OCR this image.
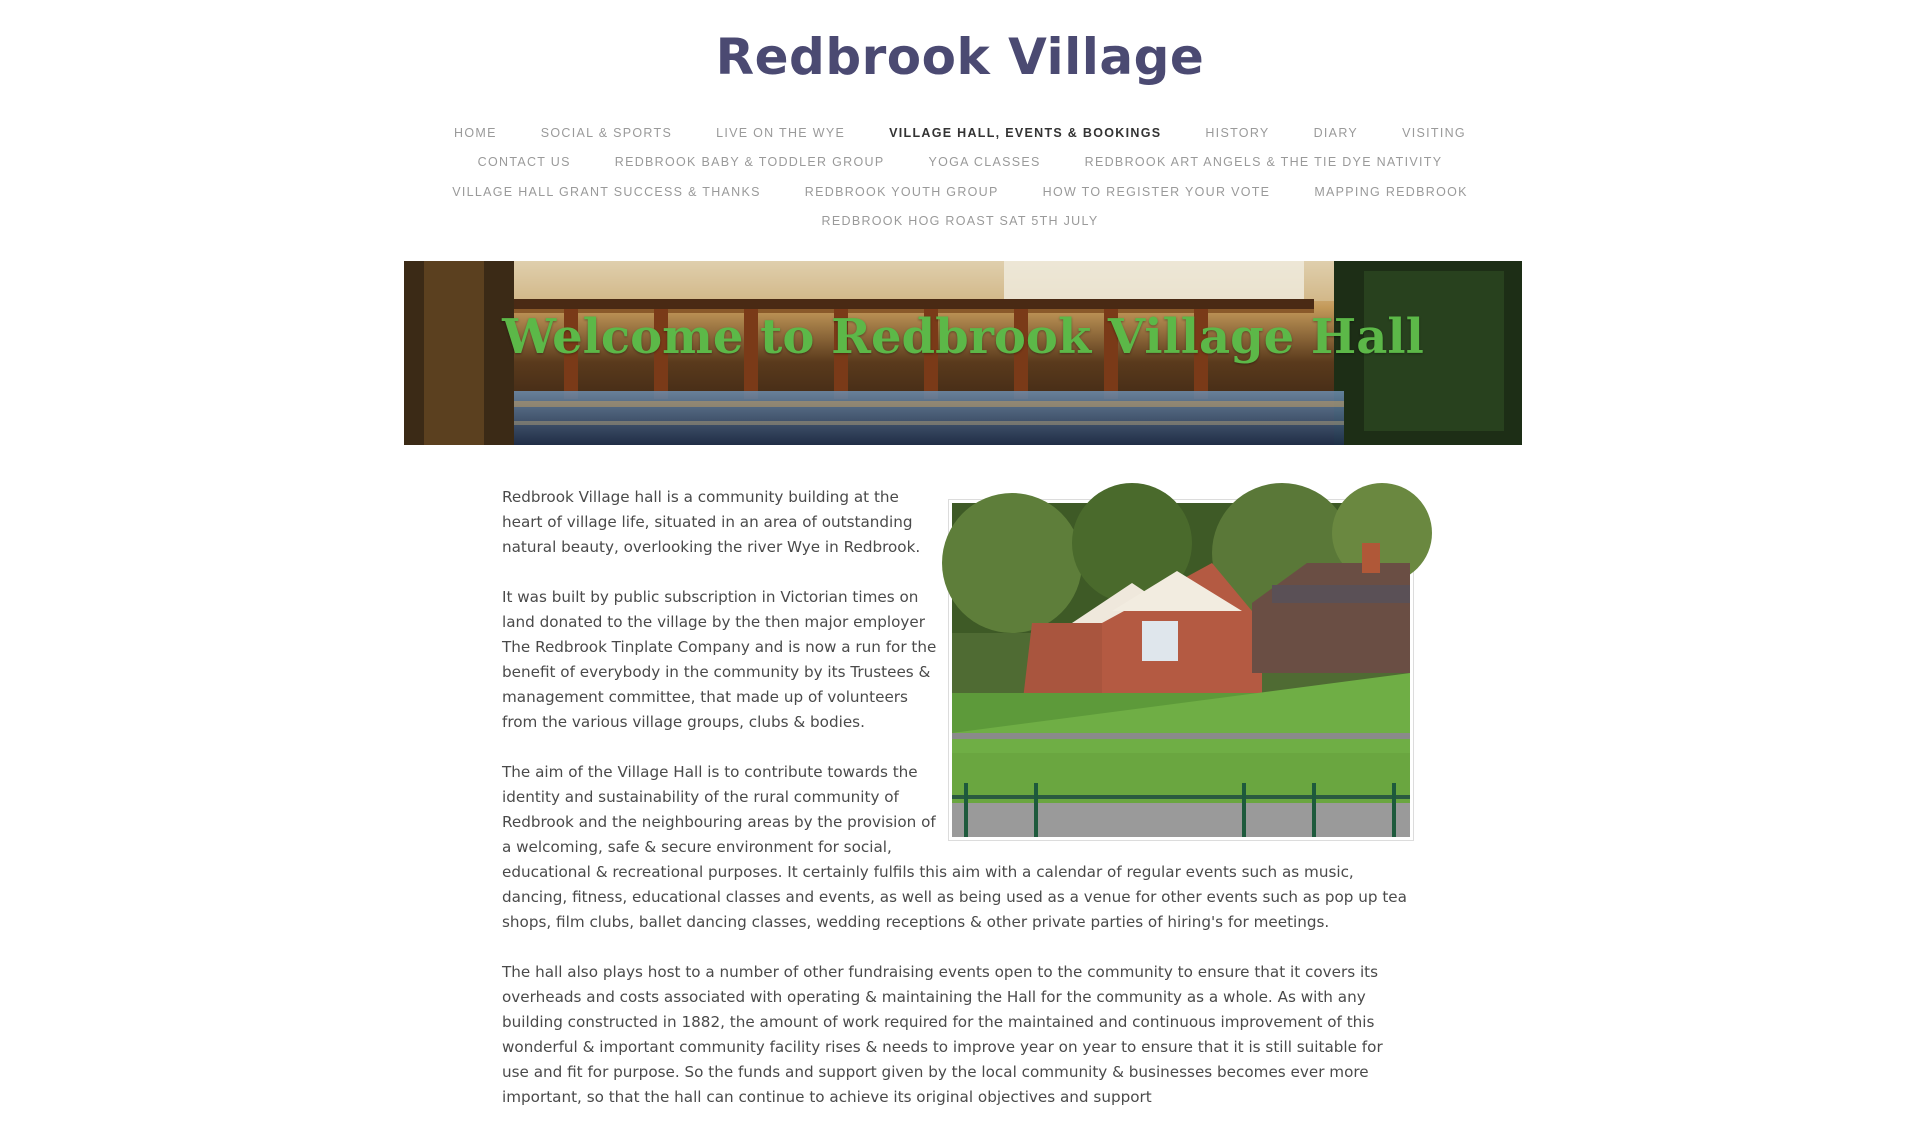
Redbrook Village
HOME	SOCIAL & SPORTS	LIVE ON THE WYE	VILLAGE HALL, EVENTS & BOOKINGS	HISTORY	DIARY	VISITING
CONTACT US	REDBROOK BABY & TODDLER GROUP	YOGA CLASSES	REDBROOK ART ANGELS & THE TIE DYE NATIVITY
VILLAGE HALL GRANT SUCCESS & THANKS	REDBROOK YOUTH GROUP	HOW TO REGISTER YOUR VOTE	MAPPING REDBROOK
REDBROOK HOG ROAST SAT 5TH JULY
Welcome to Redbrook Village Hall

Redbrook Village hall is a community building at the heart of village life, situated in an area of outstanding natural beauty, overlooking the river Wye in Redbrook.

It was built by public subscription in Victorian times on land donated to the village by the then major employer The Redbrook Tinplate Company and is now a run for the benefit of everybody in the community by its Trustees & management committee, that made up of volunteers from the various village groups, clubs & bodies.

The aim of the Village Hall is to contribute towards the identity and sustainability of the rural community of Redbrook and the neighbouring areas by the provision of a welcoming, safe & secure environment for social, educational & recreational purposes. It certainly fulfils this aim with a calendar of regular events such as music, dancing, fitness, educational classes and events, as well as being used as a venue for other events such as pop up tea shops, film clubs, ballet dancing classes, wedding receptions & other private parties of hiring's for meetings.

The hall also plays host to a number of other fundraising events open to the community to ensure that it covers its overheads and costs associated with operating & maintaining the Hall for the community as a whole. As with any building constructed in 1882, the amount of work required for the maintained and continuous improvement of this wonderful & important community facility rises & needs to improve year on year to ensure that it is still suitable for use and fit for purpose. So the funds and support given by the local community & businesses becomes ever more important, so that the hall can continue to achieve its original objectives and support
